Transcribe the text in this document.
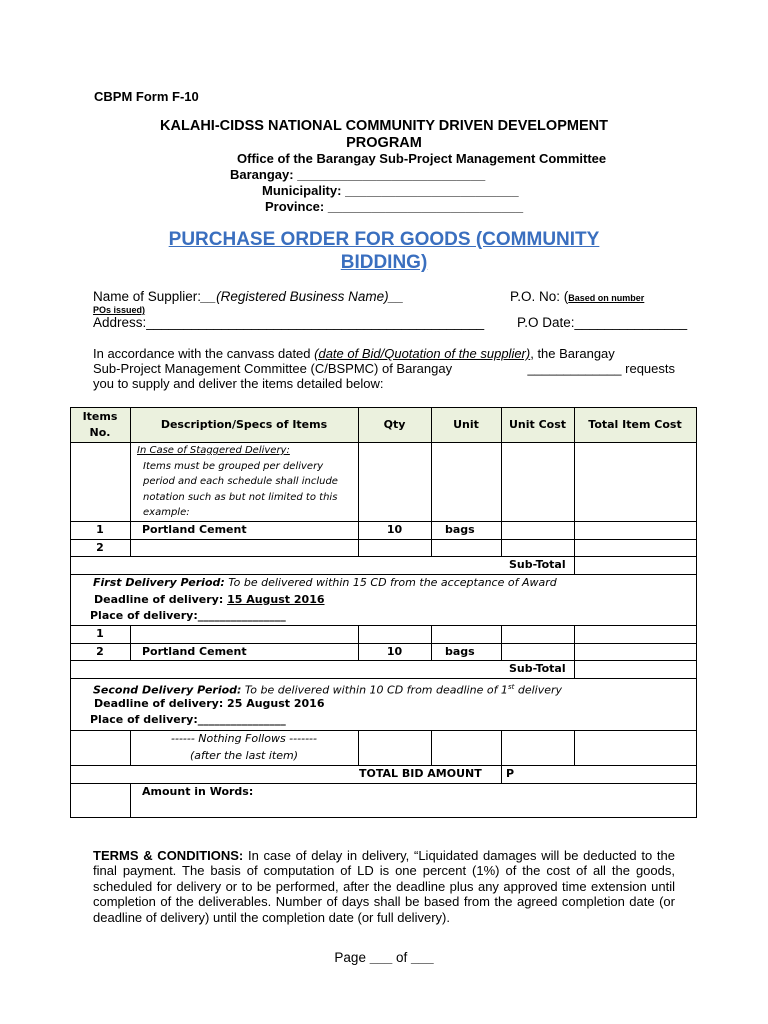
CBPM Form F-10
KALAHI-CIDSS NATIONAL COMMUNITY DRIVEN DEVELOPMENT
PROGRAM
Office of the Barangay Sub-Project Management Committee
Barangay: __________________________
Municipality: ________________________
Province: ___________________________
PURCHASE ORDER FOR GOODS (COMMUNITY
BIDDING)
Name of Supplier:__(Registered Business Name)__	P.O. No: (Based on number
POs issued)
Address:_____________________________________________ P.O Date:_______________
In accordance with the canvass dated (date of Bid/Quotation of the supplier), the Barangay
Sub-Project Management Committee (C/BSPMC) of Barangay	_____________ requests
you to supply and deliver the items detailed below:
Items
No.
Description/Specs of Items	Qty	Unit	Unit Cost	Total Item Cost
In Case of Staggered Delivery:
Items must be grouped per delivery
period and each schedule shall include
notation such as but not limited to this
example:
1	Portland Cement	10	bags
2
Sub-Total
First Delivery Period: To be delivered within 15 CD from the acceptance of Award
Deadline of delivery: 15 August 2016
Place of delivery:________________
1
2	Portland Cement	10	bags
Sub-Total
Second Delivery Period: To be delivered within 10 CD from deadline of 1st delivery
Deadline of delivery: 25 August 2016
Place of delivery:________________
------ Nothing Follows -------
(after the last item)
TOTAL BID AMOUNT P
Amount in Words:
TERMS & CONDITIONS: In case of delay in delivery, “Liquidated damages will be deducted to the final payment. The basis of computation of LD is one percent (1%) of the cost of all the goods, scheduled for delivery or to be performed, after the deadline plus any approved time extension until completion of the deliverables. Number of days shall be based from the agreed completion date (or deadline of delivery) until the completion date (or full delivery).
Page ___ of ___
